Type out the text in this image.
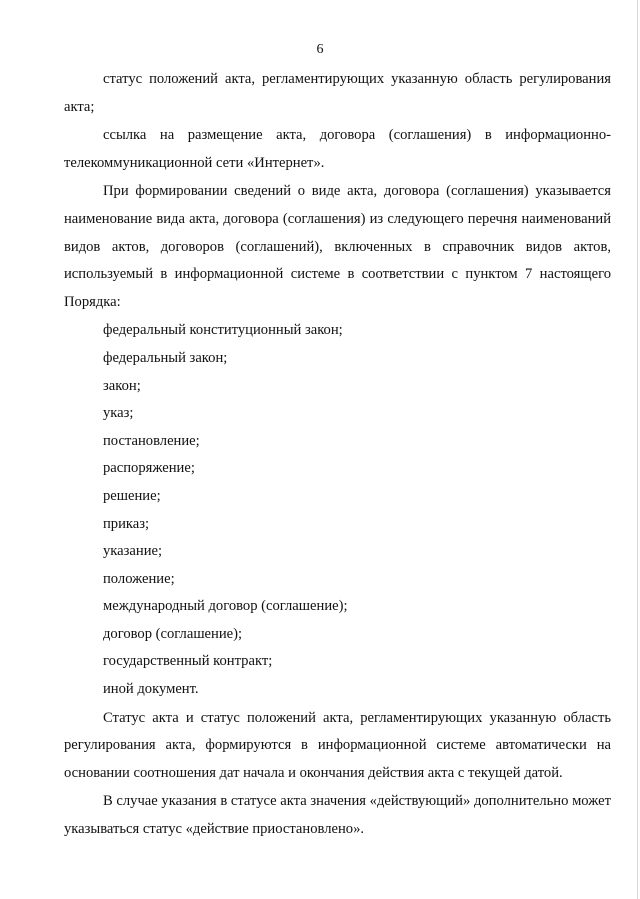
6

статус положений акта, регламентирующих указанную область регулирования акта;

ссылка на размещение акта, договора (соглашения) в информационно-телекоммуникационной сети «Интернет».

При формировании сведений о виде акта, договора (соглашения) указывается наименование вида акта, договора (соглашения) из следующего перечня наименований видов актов, договоров (соглашений), включенных в справочник видов актов, используемый в информационной системе в соответствии с пунктом 7 настоящего Порядка:

федеральный конституционный закон;

федеральный закон;

закон;

указ;

постановление;

распоряжение;

решение;

приказ;

указание;

положение;

международный договор (соглашение);

договор (соглашение);

государственный контракт;

иной документ.

Статус акта и статус положений акта, регламентирующих указанную область регулирования акта, формируются в информационной системе автоматически на основании соотношения дат начала и окончания действия акта с текущей датой.

В случае указания в статусе акта значения «действующий» дополнительно может указываться статус «действие приостановлено».
